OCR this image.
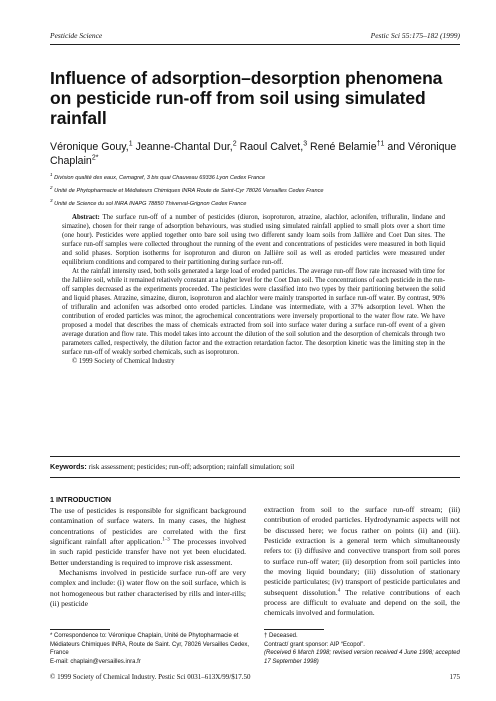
Pesticide Science	Pestic Sci 55:175–182 (1999)
Influence of adsorption–desorption phenomena on pesticide run-off from soil using simulated rainfall
Véronique Gouy,$^1$ Jeanne-Chantal Dur,$^2$ Raoul Calvet,$^3$ René Belamie$^{\dagger 1}$ and Véronique Chaplain$^{2*}$
$^1$ Division qualité des eaux, Cemagref, 3 bis quai Chauveau 69336 Lyon Cedex France
$^2$ Unité de Phytopharmacie et Médiateurs Chimiques INRA Route de Saint-Cyr 78026 Versailles Cedex France
$^3$ Unité de Science du sol INRA INAPG 78850 Thiverval-Grignon Cedex France

Abstract: The surface run-off of a number of pesticides (diuron, isoproturon, atrazine, alachlor, aclonifen, trifluralin, lindane and simazine), chosen for their range of adsorption behaviours, was studied using simulated rainfall applied to small plots over a short time (one hour). Pesticides were applied together onto bare soil using two different sandy loam soils from Jallière and Coet Dan sites. The surface run-off samples were collected throughout the running of the event and concentrations of pesticides were measured in both liquid and solid phases. Sorption isotherms for isoproturon and diuron on Jallière soil as well as eroded particles were measured under equilibrium conditions and compared to their partitioning during surface run-off.

At the rainfall intensity used, both soils generated a large load of eroded particles. The average run-off flow rate increased with time for the Jallière soil, while it remained relatively constant at a higher level for the Coet Dan soil. The concentrations of each pesticide in the run-off samples decreased as the experiments proceeded. The pesticides were classified into two types by their partitioning between the solid and liquid phases. Atrazine, simazine, diuron, isoproturon and alachlor were mainly transported in surface run-off water. By contrast, 90% of trifluralin and aclonifen was adsorbed onto eroded particles. Lindane was intermediate, with a 37% adsorption level. When the contribution of eroded particles was minor, the agrochemical concentrations were inversely proportional to the water flow rate. We have proposed a model that describes the mass of chemicals extracted from soil into surface water during a surface run-off event of a given average duration and flow rate. This model takes into account the dilution of the soil solution and the desorption of chemicals through two parameters called, respectively, the dilution factor and the extraction retardation factor. The desorption kinetic was the limiting step in the surface run-off of weakly sorbed chemicals, such as isoproturon.

© 1999 Society of Chemical Industry

Keywords: risk assessment; pesticides; run-off; adsorption; rainfall simulation; soil
1 INTRODUCTION

The use of pesticides is responsible for significant background contamination of surface waters. In many cases, the highest concentrations of pesticides are correlated with the first significant rainfall after application.$^{1-3}$ The processes involved in such rapid pesticide transfer have not yet been elucidated. Better understanding is required to improve risk assessment.

Mechanisms involved in pesticide surface run-off are very complex and include: (i) water flow on the soil surface, which is not homogeneous but rather characterised by rills and inter-rills; (ii) pesticide

extraction from soil to the surface run-off stream; (iii) contribution of eroded particles. Hydrodynamic aspects will not be discussed here; we focus rather on points (ii) and (iii). Pesticide extraction is a general term which simultaneously refers to: (i) diffusive and convective transport from soil pores to surface run-off water; (ii) desorption from soil particles into the moving liquid boundary; (iii) dissolution of stationary pesticide particulates; (iv) transport of pesticide particulates and subsequent dissolution.$^4$ The relative contributions of each process are difficult to evaluate and depend on the soil, the chemicals involved and formulation.

* Correspondence to: Véronique Chaplain, Unité de Phytopharmacie et Médiateurs Chimiques INRA, Route de Saint. Cyr, 78026 Versailles Cedex, France
E-mail: chaplain@versailles.inra.fr
† Deceased.
Contract/ grant sponsor: AIP “Ecopol”.
(Received 6 March 1998; revised version received 4 June 1998; accepted 17 September 1998)
© 1999 Society of Chemical Industry. Pestic Sci 0031–613X/99/$17.50	175
